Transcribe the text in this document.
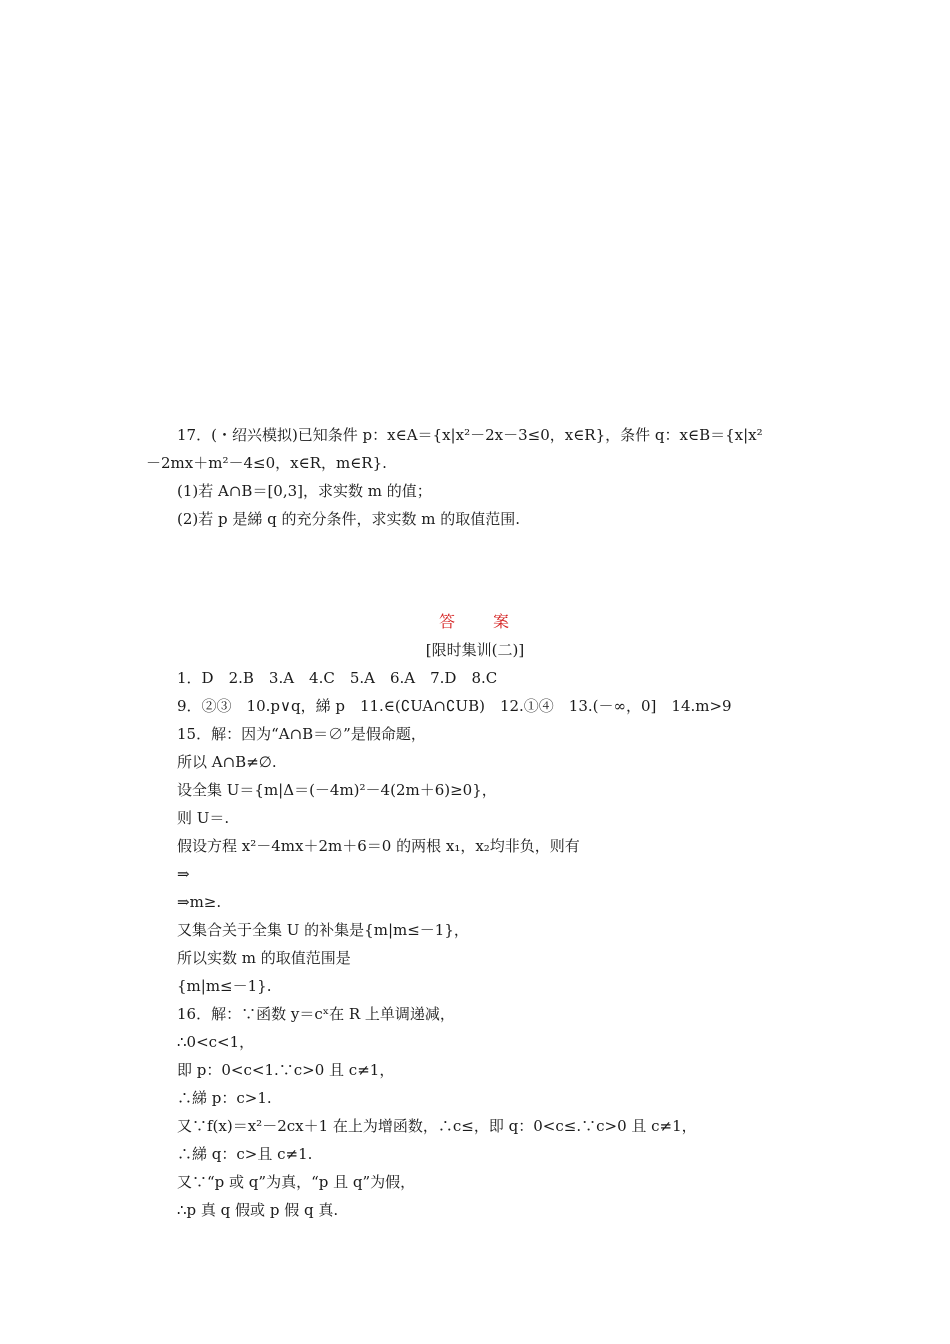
17．(・绍兴模拟)已知条件 p：x∈A＝{x|x²－2x－3≤0，x∈R}，条件 q：x∈B＝{x|x²
－2mx＋m²－4≤0，x∈R，m∈R}.
(1)若 A∩B＝[0,3]，求实数 m 的值；
(2)若 p 是綈 q 的充分条件，求实数 m 的取值范围.
答　　案
[限时集训(二)]
1．D　2.B　3.A　4.C　5.A　6.A　7.D　8.C
9．②③　10.p∨q，綈 p　11.∈(∁UA∩∁UB)　12.①④　13.(－∞，0]　14.m>9
15．解：因为“A∩B＝∅”是假命题，
所以 A∩B≠∅.
设全集 U＝{m|Δ＝(－4m)²－4(2m＋6)≥0}，
则 U＝.
假设方程 x²－4mx＋2m＋6＝0 的两根 x₁，x₂均非负，则有
⇒
⇒m≥.
又集合关于全集 U 的补集是{m|m≤－1}，
所以实数 m 的取值范围是
{m|m≤－1}.
16．解：∵函数 y＝cˣ在 R 上单调递减，
∴0<c<1，
即 p：0<c<1.∵c>0 且 c≠1，
∴綈 p：c>1.
又∵f(x)＝x²－2cx＋1 在上为增函数，∴c≤，即 q：0<c≤.∵c>0 且 c≠1，
∴綈 q：c>且 c≠1.
又∵“p 或 q”为真，“p 且 q”为假，
∴p 真 q 假或 p 假 q 真.
